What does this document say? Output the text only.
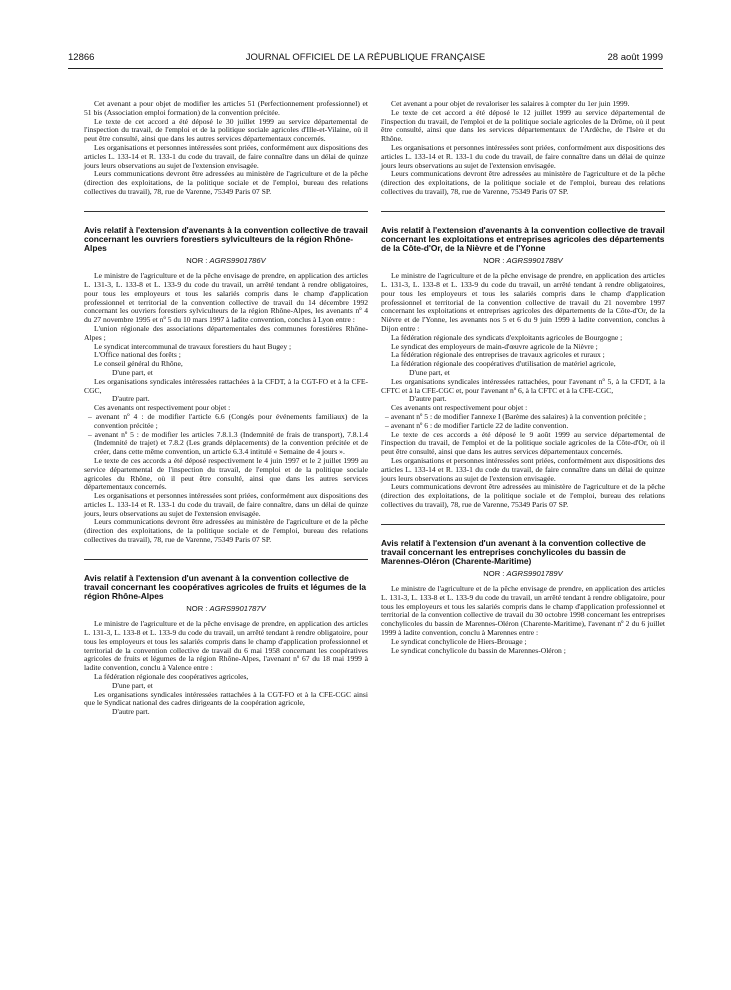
12866	JOURNAL OFFICIEL DE LA RÉPUBLIQUE FRANÇAISE	28 août 1999

Cet avenant a pour objet de modifier les articles 51 (Perfectionnement professionnel) et 51 bis (Association emploi formation) de la convention précitée.

Le texte de cet accord a été déposé le 30 juillet 1999 au service départemental de l'inspection du travail, de l'emploi et de la politique sociale agricoles d'Ille-et-Vilaine, où il peut être consulté, ainsi que dans les autres services départementaux concernés.

Les organisations et personnes intéressées sont priées, conformément aux dispositions des articles L. 133-14 et R. 133-1 du code du travail, de faire connaître dans un délai de quinze jours leurs observations au sujet de l'extension envisagée.

Leurs communications devront être adressées au ministère de l'agriculture et de la pêche (direction des exploitations, de la politique sociale et de l'emploi, bureau des relations collectives du travail), 78, rue de Varenne, 75349 Paris 07 SP.

Avis relatif à l'extension d'avenants à la convention collective de travail concernant les ouvriers forestiers sylviculteurs de la région Rhône-Alpes
NOR : AGRS9901786V

Le ministre de l'agriculture et de la pêche envisage de prendre, en application des articles L. 131-3, L. 133-8 et L. 133-9 du code du travail, un arrêté tendant à rendre obligatoires, pour tous les employeurs et tous les salariés compris dans le champ d'application professionnel et territorial de la convention collective de travail du 14 décembre 1992 concernant les ouvriers forestiers sylviculteurs de la région Rhône-Alpes, les avenants nº 4 du 27 novembre 1995 et nº 5 du 10 mars 1997 à ladite convention, conclus à Lyon entre :

L'union régionale des associations départementales des communes forestières Rhône-Alpes ;

Le syndicat intercommunal de travaux forestiers du haut Bugey ;

L'Office national des forêts ;

Le conseil général du Rhône,

D'une part, et

Les organisations syndicales intéressées rattachées à la CFDT, à la CGT-FO et à la CFE-CGC,

D'autre part.

Ces avenants ont respectivement pour objet :

– avenant nº 4 : de modifier l'article 6.6 (Congés pour événements familiaux) de la convention précitée ;

– avenant nº 5 : de modifier les articles 7.8.1.3 (Indemnité de frais de transport), 7.8.1.4 (Indemnité de trajet) et 7.8.2 (Les grands déplacements) de la convention précitée et de créer, dans cette même convention, un article 6.3.4 intitulé « Semaine de 4 jours ».

Le texte de ces accords a été déposé respectivement le 4 juin 1997 et le 2 juillet 1999 au service départemental de l'inspection du travail, de l'emploi et de la politique sociale agricoles du Rhône, où il peut être consulté, ainsi que dans les autres services départementaux concernés.

Les organisations et personnes intéressées sont priées, conformément aux dispositions des articles L. 133-14 et R. 133-1 du code du travail, de faire connaître, dans un délai de quinze jours, leurs observations au sujet de l'extension envisagée.

Leurs communications devront être adressées au ministère de l'agriculture et de la pêche (direction des exploitations, de la politique sociale et de l'emploi, bureau des relations collectives du travail), 78, rue de Varenne, 75349 Paris 07 SP.

Avis relatif à l'extension d'un avenant à la convention collective de travail concernant les coopératives agricoles de fruits et légumes de la région Rhône-Alpes
NOR : AGRS9901787V

Le ministre de l'agriculture et de la pêche envisage de prendre, en application des articles L. 131-3, L. 133-8 et L. 133-9 du code du travail, un arrêté tendant à rendre obligatoire, pour tous les employeurs et tous les salariés compris dans le champ d'application professionnel et territorial de la convention collective de travail du 6 mai 1958 concernant les coopératives agricoles de fruits et légumes de la région Rhône-Alpes, l'avenant nº 67 du 18 mai 1999 à ladite convention, conclu à Valence entre :

La fédération régionale des coopératives agricoles,

D'une part, et

Les organisations syndicales intéressées rattachées à la CGT-FO et à la CFE-CGC ainsi que le Syndicat national des cadres dirigeants de la coopération agricole,

D'autre part.

Cet avenant a pour objet de revaloriser les salaires à compter du 1er juin 1999.

Le texte de cet accord a été déposé le 12 juillet 1999 au service départemental de l'inspection du travail, de l'emploi et de la politique sociale agricoles de la Drôme, où il peut être consulté, ainsi que dans les services départementaux de l'Ardèche, de l'Isère et du Rhône.

Les organisations et personnes intéressées sont priées, conformément aux dispositions des articles L. 133-14 et R. 133-1 du code du travail, de faire connaître dans un délai de quinze jours leurs observations au sujet de l'extension envisagée.

Leurs communications devront être adressées au ministère de l'agriculture et de la pêche (direction des exploitations, de la politique sociale et de l'emploi, bureau des relations collectives du travail), 78, rue de Varenne, 75349 Paris 07 SP.

Avis relatif à l'extension d'avenants à la convention collective de travail concernant les exploitations et entreprises agricoles des départements de la Côte-d'Or, de la Nièvre et de l'Yonne
NOR : AGRS9901788V

Le ministre de l'agriculture et de la pêche envisage de prendre, en application des articles L. 131-3, L. 133-8 et L. 133-9 du code du travail, un arrêté tendant à rendre obligatoires, pour tous les employeurs et tous les salariés compris dans le champ d'application professionnel et territorial de la convention collective de travail du 21 novembre 1997 concernant les exploitations et entreprises agricoles des départements de la Côte-d'Or, de la Nièvre et de l'Yonne, les avenants nos 5 et 6 du 9 juin 1999 à ladite convention, conclus à Dijon entre :

La fédération régionale des syndicats d'exploitants agricoles de Bourgogne ;

Le syndicat des employeurs de main-d'œuvre agricole de la Nièvre ;

La fédération régionale des entreprises de travaux agricoles et ruraux ;

La fédération régionale des coopératives d'utilisation de matériel agricole,

D'une part, et

Les organisations syndicales intéressées rattachées, pour l'avenant nº 5, à la CFDT, à la CFTC et à la CFE-CGC et, pour l'avenant nº 6, à la CFTC et à la CFE-CGC,

D'autre part.

Ces avenants ont respectivement pour objet :

– avenant nº 5 : de modifier l'annexe I (Barème des salaires) à la convention précitée ;

– avenant nº 6 : de modifier l'article 22 de ladite convention.

Le texte de ces accords a été déposé le 9 août 1999 au service départemental de l'inspection du travail, de l'emploi et de la politique sociale agricoles de la Côte-d'Or, où il peut être consulté, ainsi que dans les autres services départementaux concernés.

Les organisations et personnes intéressées sont priées, conformément aux dispositions des articles L. 133-14 et R. 133-1 du code du travail, de faire connaître dans un délai de quinze jours leurs observations au sujet de l'extension envisagée.

Leurs communications devront être adressées au ministère de l'agriculture et de la pêche (direction des exploitations, de la politique sociale et de l'emploi, bureau des relations collectives du travail), 78, rue de Varenne, 75349 Paris 07 SP.

Avis relatif à l'extension d'un avenant à la convention collective de travail concernant les entreprises conchylicoles du bassin de Marennes-Oléron (Charente-Maritime)
NOR : AGRS9901789V

Le ministre de l'agriculture et de la pêche envisage de prendre, en application des articles L. 131-3, L. 133-8 et L. 133-9 du code du travail, un arrêté tendant à rendre obligatoire, pour tous les employeurs et tous les salariés compris dans le champ d'application professionnel et territorial de la convention collective de travail du 30 octobre 1998 concernant les entreprises conchylicoles du bassin de Marennes-Oléron (Charente-Maritime), l'avenant nº 2 du 6 juillet 1999 à ladite convention, conclu à Marennes entre :

Le syndicat conchylicole de Hiers-Brouage ;

Le syndicat conchylicole du bassin de Marennes-Oléron ;
